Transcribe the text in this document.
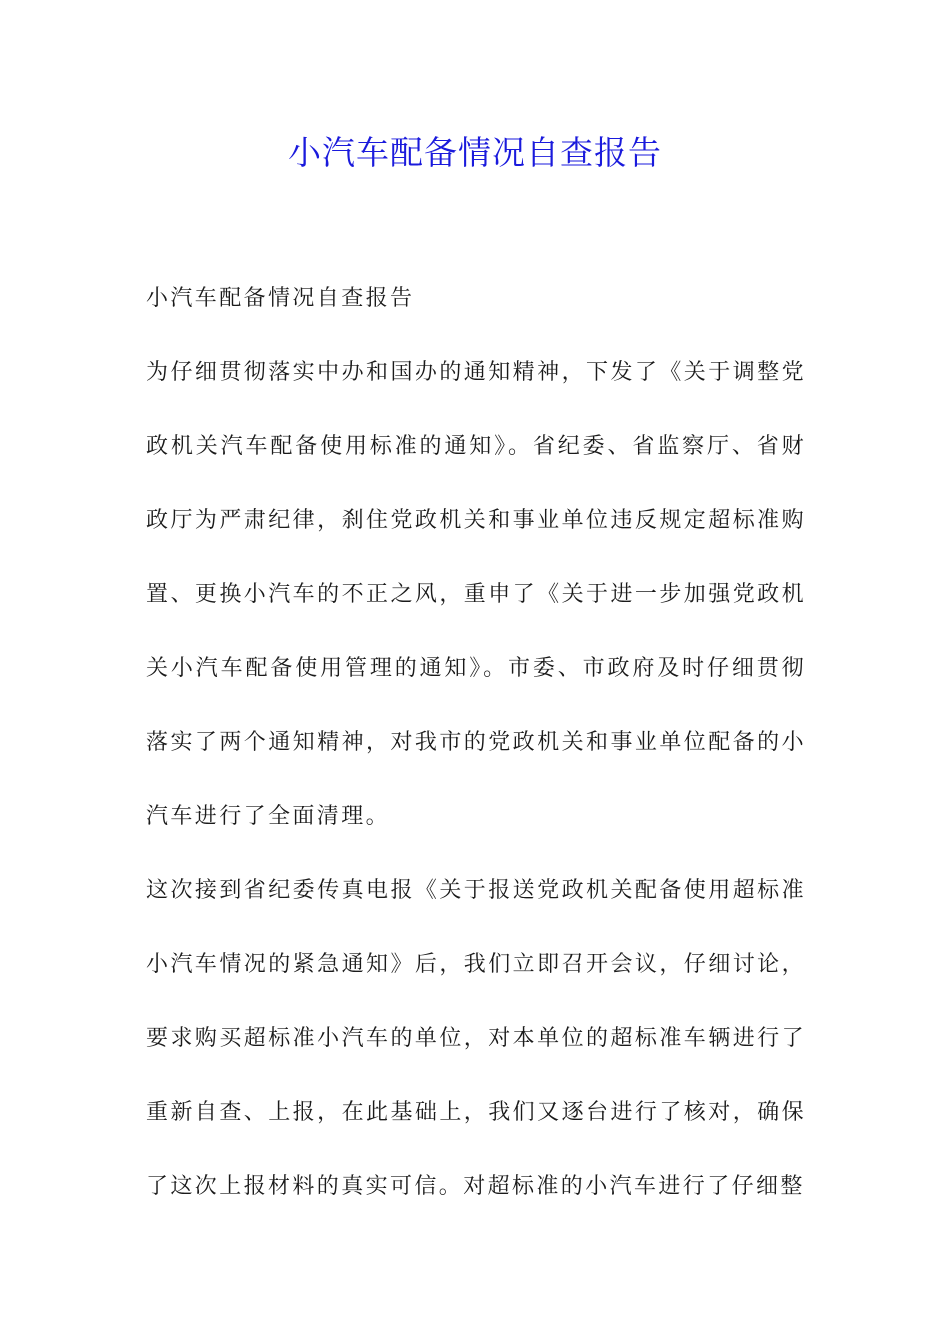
小汽车配备情况自查报告

小汽车配备情况自查报告

为仔细贯彻落实中办和国办的通知精神，下发了《关于调整党政机关汽车配备使用标准的通知》。省纪委、省监察厅、省财政厅为严肃纪律，刹住党政机关和事业单位违反规定超标准购置、更换小汽车的不正之风，重申了《关于进一步加强党政机关小汽车配备使用管理的通知》。市委、市政府及时仔细贯彻落实了两个通知精神，对我市的党政机关和事业单位配备的小汽车进行了全面清理。

这次接到省纪委传真电报《关于报送党政机关配备使用超标准小汽车情况的紧急通知》后，我们立即召开会议，仔细讨论，要求购买超标准小汽车的单位，对本单位的超标准车辆进行了重新自查、上报，在此基础上，我们又逐台进行了核对，确保了这次上报材料的真实可信。对超标准的小汽车进行了仔细整
